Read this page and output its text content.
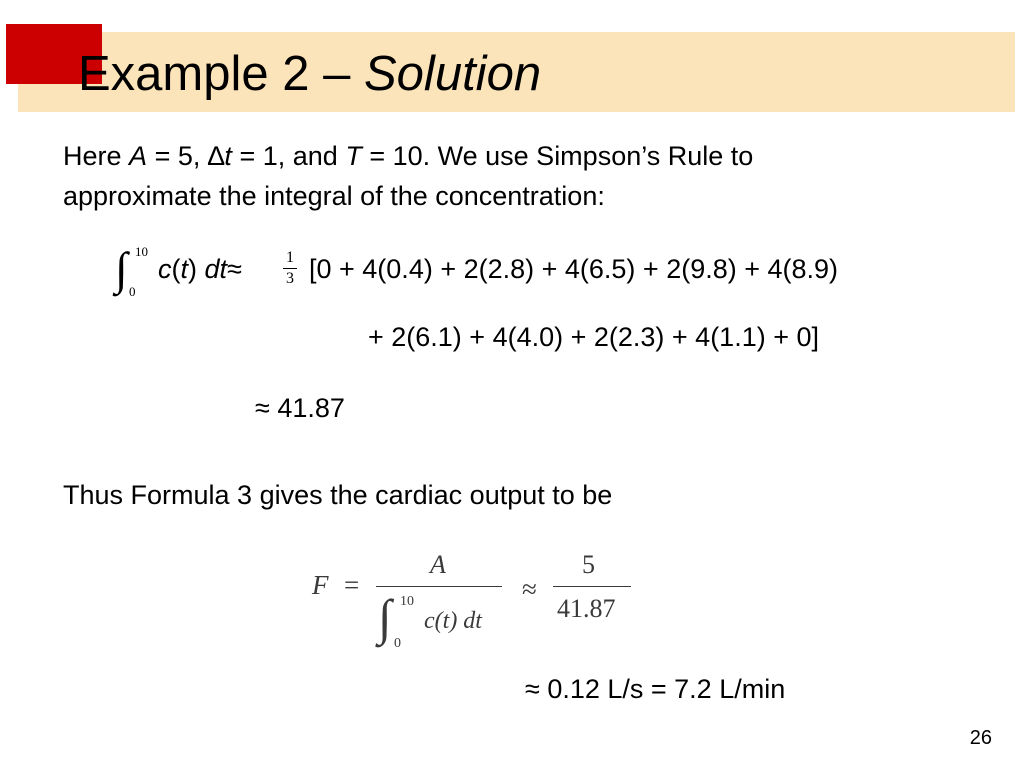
Example 2 – Solution
Here A = 5, ∆t = 1, and T = 10. We use Simpson’s Rule to
approximate the integral of the concentration:
∫ 10
0
c(t) dt≈	1
3 [0 + 4(0.4) + 2(2.8) + 4(6.5) + 2(9.8) + 4(8.9)
+ 2(6.1) + 4(4.0) + 2(2.3) + 4(1.1) + 0]
≈ 41.87
Thus Formula 3 gives the cardiac output to be
F =
A
∫ 10
0
c(t) dt
≈
5
41.87
≈ 0.12 L/s = 7.2 L/min
26
